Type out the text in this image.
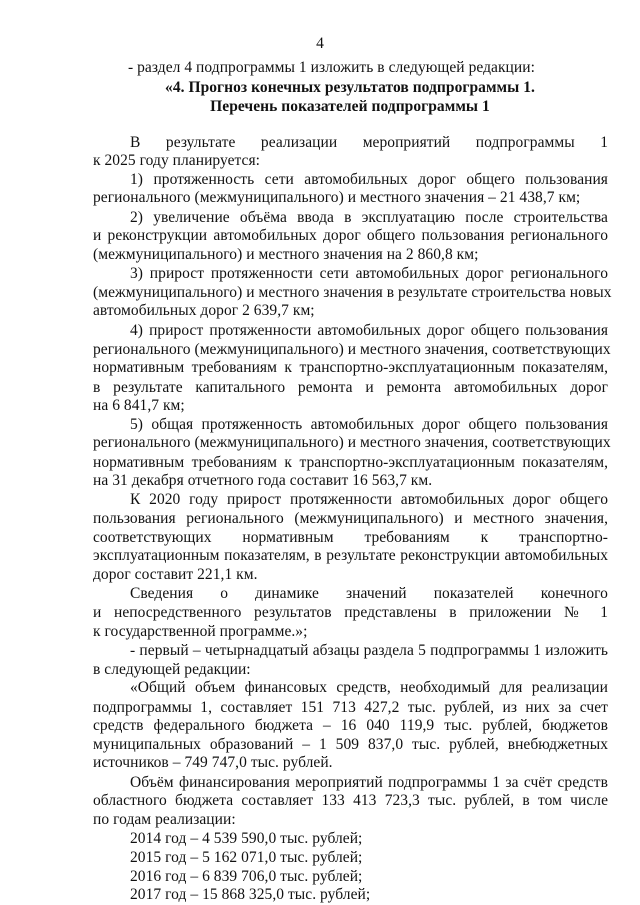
4
- раздел 4 подпрограммы 1 изложить в следующей редакции:
«4. Прогноз конечных результатов подпрограммы 1.
Перечень показателей подпрограммы 1
В результате реализации мероприятий подпрограммы 1
к 2025 году планируется:
1) протяженность сети автомобильных дорог общего пользования
регионального (межмуниципального) и местного значения – 21 438,7 км;
2) увеличение объёма ввода в эксплуатацию после строительства
и реконструкции автомобильных дорог общего пользования регионального
(межмуниципального) и местного значения на 2 860,8 км;
3) прирост протяженности сети автомобильных дорог регионального
(межмуниципального) и местного значения в результате строительства новых
автомобильных дорог 2 639,7 км;
4) прирост протяженности автомобильных дорог общего пользования
регионального (межмуниципального) и местного значения, соответствующих
нормативным требованиям к транспортно-эксплуатационным показателям,
в результате капитального ремонта и ремонта автомобильных дорог
на 6 841,7 км;
5) общая протяженность автомобильных дорог общего пользования
регионального (межмуниципального) и местного значения, соответствующих
нормативным требованиям к транспортно-эксплуатационным показателям,
на 31 декабря отчетного года составит 16 563,7 км.
К 2020 году прирост протяженности автомобильных дорог общего
пользования регионального (межмуниципального) и местного значения,
соответствующих нормативным требованиям к транспортно-
эксплуатационным показателям, в результате реконструкции автомобильных
дорог составит 221,1 км.
Сведения о динамике значений показателей конечного
и непосредственного результатов представлены в приложении № 1
к государственной программе.»;
- первый – четырнадцатый абзацы раздела 5 подпрограммы 1 изложить
в следующей редакции:
«Общий объем финансовых средств, необходимый для реализации
подпрограммы 1, составляет 151 713 427,2 тыс. рублей, из них за счет
средств федерального бюджета – 16 040 119,9 тыс. рублей, бюджетов
муниципальных образований – 1 509 837,0 тыс. рублей, внебюджетных
источников – 749 747,0 тыс. рублей.
Объём финансирования мероприятий подпрограммы 1 за счёт средств
областного бюджета составляет 133 413 723,3 тыс. рублей, в том числе
по годам реализации:
2014 год – 4 539 590,0 тыс. рублей;
2015 год – 5 162 071,0 тыс. рублей;
2016 год – 6 839 706,0 тыс. рублей;
2017 год – 15 868 325,0 тыс. рублей;
